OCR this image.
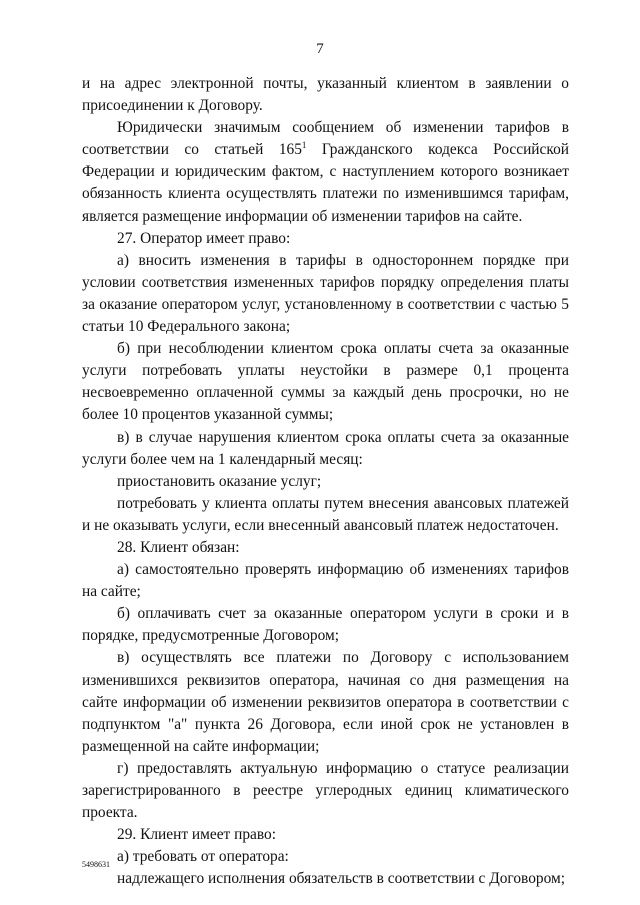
7

и на адрес электронной почты, указанный клиентом в заявлении о присоединении к Договору.

Юридически значимым сообщением об изменении тарифов в соответствии со статьей $165^1$ Гражданского кодекса Российской Федерации и юридическим фактом, с наступлением которого возникает обязанность клиента осуществлять платежи по изменившимся тарифам, является размещение информации об изменении тарифов на сайте.

27. Оператор имеет право:

а) вносить изменения в тарифы в одностороннем порядке при условии соответствия измененных тарифов порядку определения платы за оказание оператором услуг, установленному в соответствии с частью 5 статьи 10 Федерального закона;

б) при несоблюдении клиентом срока оплаты счета за оказанные услуги потребовать уплаты неустойки в размере 0,1 процента несвоевременно оплаченной суммы за каждый день просрочки, но не более 10 процентов указанной суммы;

в) в случае нарушения клиентом срока оплаты счета за оказанные услуги более чем на 1 календарный месяц:

приостановить оказание услуг;

потребовать у клиента оплаты путем внесения авансовых платежей и не оказывать услуги, если внесенный авансовый платеж недостаточен.

28. Клиент обязан:

а) самостоятельно проверять информацию об изменениях тарифов на сайте;

б) оплачивать счет за оказанные оператором услуги в сроки и в порядке, предусмотренные Договором;

в) осуществлять все платежи по Договору с использованием изменившихся реквизитов оператора, начиная со дня размещения на сайте информации об изменении реквизитов оператора в соответствии с подпунктом "а" пункта 26 Договора, если иной срок не установлен в размещенной на сайте информации;

г) предоставлять актуальную информацию о статусе реализации зарегистрированного в реестре углеродных единиц климатического проекта.

29. Клиент имеет право:

а) требовать от оператора:

надлежащего исполнения обязательств в соответствии с Договором;

5498631
